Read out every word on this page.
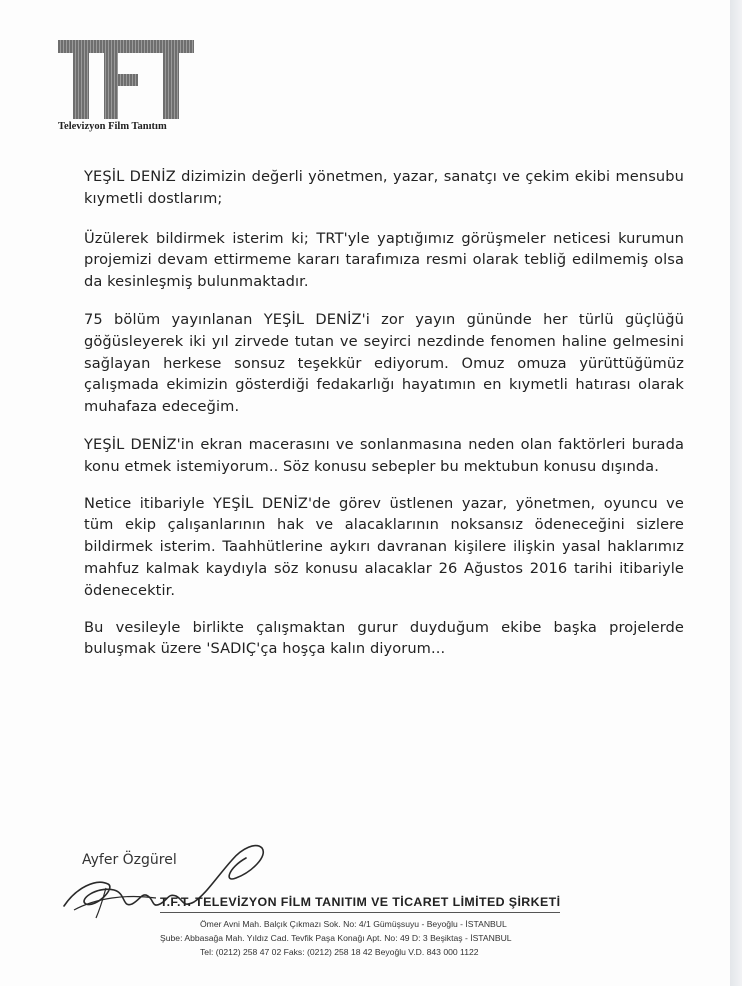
Televizyon Film Tanıtım

YEŞİL DENİZ dizimizin değerli yönetmen, yazar, sanatçı ve çekim ekibi mensubu kıymetli dostlarım;

Üzülerek bildirmek isterim ki; TRT'yle yaptığımız görüşmeler neticesi kurumun projemizi devam ettirmeme kararı tarafımıza resmi olarak tebliğ edilmemiş olsa da kesinleşmiş bulunmaktadır.

75 bölüm yayınlanan YEŞİL DENİZ'i zor yayın gününde her türlü güçlüğü göğüsleyerek iki yıl zirvede tutan ve seyirci nezdinde fenomen haline gelmesini sağlayan herkese sonsuz teşekkür ediyorum. Omuz omuza yürüttüğümüz çalışmada ekimizin gösterdiği fedakarlığı hayatımın en kıymetli hatırası olarak muhafaza edeceğim.

YEŞİL DENİZ'in ekran macerasını ve sonlanmasına neden olan faktörleri burada konu etmek istemiyorum.. Söz konusu sebepler bu mektubun konusu dışında.

Netice itibariyle YEŞİL DENİZ'de görev üstlenen yazar, yönetmen, oyuncu ve tüm ekip çalışanlarının hak ve alacaklarının noksansız ödeneceğini sizlere bildirmek isterim. Taahhütlerine aykırı davranan kişilere ilişkin yasal haklarımız mahfuz kalmak kaydıyla söz konusu alacaklar 26 Ağustos 2016 tarihi itibariyle ödenecektir.

Bu vesileyle birlikte çalışmaktan gurur duyduğum ekibe başka projelerde buluşmak üzere 'SADIÇ'ça hoşça kalın diyorum...

Ayfer Özgürel
T.F.T. TELEVİZYON FİLM TANITIM VE TİCARET LİMİTED ŞİRKETİ
Ömer Avni Mah. Balçık Çıkmazı Sok. No: 4/1 Gümüşsuyu - Beyoğlu - İSTANBUL
Şube: Abbasağa Mah. Yıldız Cad. Tevfik Paşa Konağı Apt. No: 49 D: 3 Beşiktaş - İSTANBUL
Tel: (0212) 258 47 02 Faks: (0212) 258 18 42 Beyoğlu V.D. 843 000 1122
